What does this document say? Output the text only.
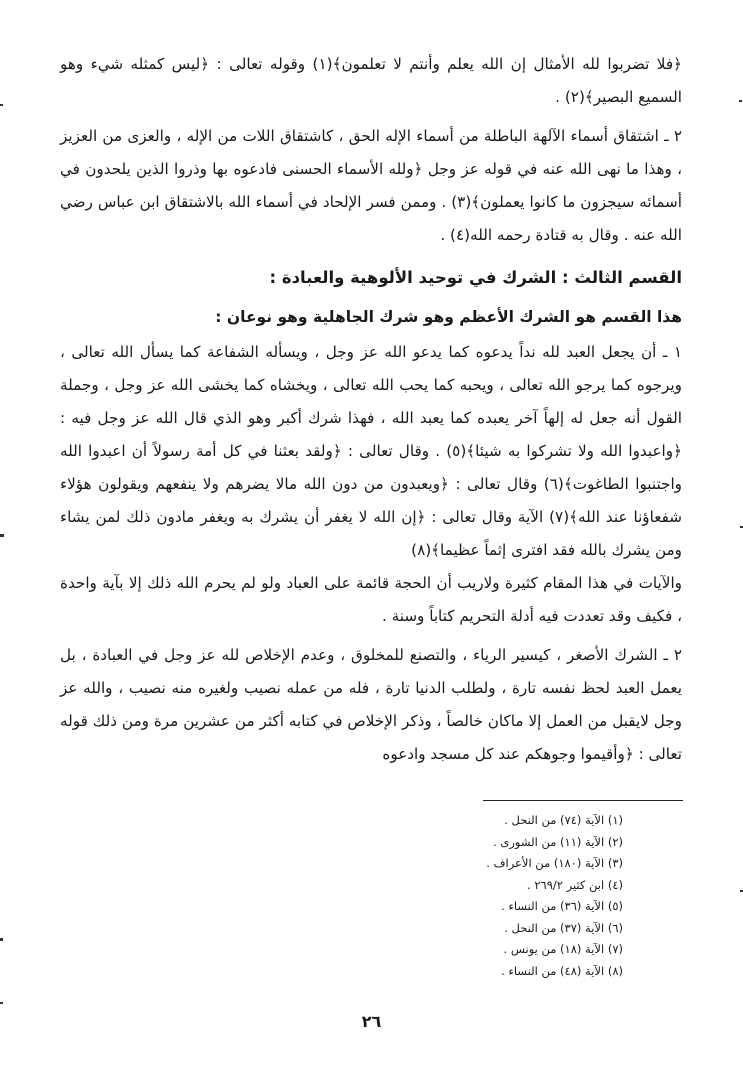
﴿فلا تضربوا لله الأمثال إن الله يعلم وأنتم لا تعلمون﴾(١) وقوله تعالى : ﴿ليس كمثله شيء وهو السميع البصير﴾(٢) .

٢ ـ اشتقاق أسماء الآلهة الباطلة من أسماء الإله الحق ، كاشتقاق اللات من الإله ، والعزى من العزيز ، وهذا ما نهى الله عنه في قوله عز وجل ﴿ولله الأسماء الحسنى فادعوه بها وذروا الذين يلحدون في أسمائه سيجزون ما كانوا يعملون﴾(٣) . وممن فسر الإلحاد في أسماء الله بالاشتقاق ابن عباس رضي الله عنه . وقال به قتادة رحمه الله(٤) .

القسم الثالث : الشرك في توحيد الألوهية والعبادة :

هذا القسم هو الشرك الأعظم وهو شرك الجاهلية وهو نوعان :

١ ـ أن يجعل العبد لله نداً يدعوه كما يدعو الله عز وجل ، ويسأله الشفاعة كما يسأل الله تعالى ، ويرجوه كما يرجو الله تعالى ، ويحبه كما يحب الله تعالى ، ويخشاه كما يخشى الله عز وجل ، وجملة القول أنه جعل له إلهاً آخر يعبده كما يعبد الله ، فهذا شرك أكبر وهو الذي قال الله عز وجل فيه : ﴿واعبدوا الله ولا تشركوا به شيئا﴾(٥) . وقال تعالى : ﴿ولقد بعثنا في كل أمة رسولاً أن اعبدوا الله واجتنبوا الطاغوت﴾(٦) وقال تعالى : ﴿ويعبدون من دون الله مالا يضرهم ولا ينفعهم ويقولون هؤلاء شفعاؤنا عند الله﴾(٧) الآية وقال تعالى : ﴿إن الله لا يغفر أن يشرك به ويغفر مادون ذلك لمن يشاء ومن يشرك بالله فقد افترى إثماً عظيما﴾(٨)

والآيات في هذا المقام كثيرة ولاريب أن الحجة قائمة على العباد ولو لم يحرم الله ذلك إلا بآية واحدة ، فكيف وقد تعددت فيه أدلة التحريم كتاباً وسنة .

٢ ـ الشرك الأصغر ، كيسير الرياء ، والتصنع للمخلوق ، وعدم الإخلاص لله عز وجل في العبادة ، بل يعمل العبد لحظ نفسه تارة ، ولطلب الدنيا تارة ، فله من عمله نصيب ولغيره منه نصيب ، والله عز وجل لايقبل من العمل إلا ماكان خالصاً ، وذكر الإخلاص في كتابه أكثر من عشرين مرة ومن ذلك قوله تعالى : ﴿وأقيموا وجوهكم عند كل مسجد وادعوه

(١) الآية (٧٤) من النحل .
(٢) الآية (١١) من الشورى .
(٣) الآية (١٨٠) من الأعراف .
(٤) ابن كثير ٢٦٩/٢ .
(٥) الآية (٣٦) من النساء .
(٦) الآية (٣٧) من النحل .
(٧) الآية (١٨) من يونس .
(٨) الآية (٤٨) من النساء .
٢٦
